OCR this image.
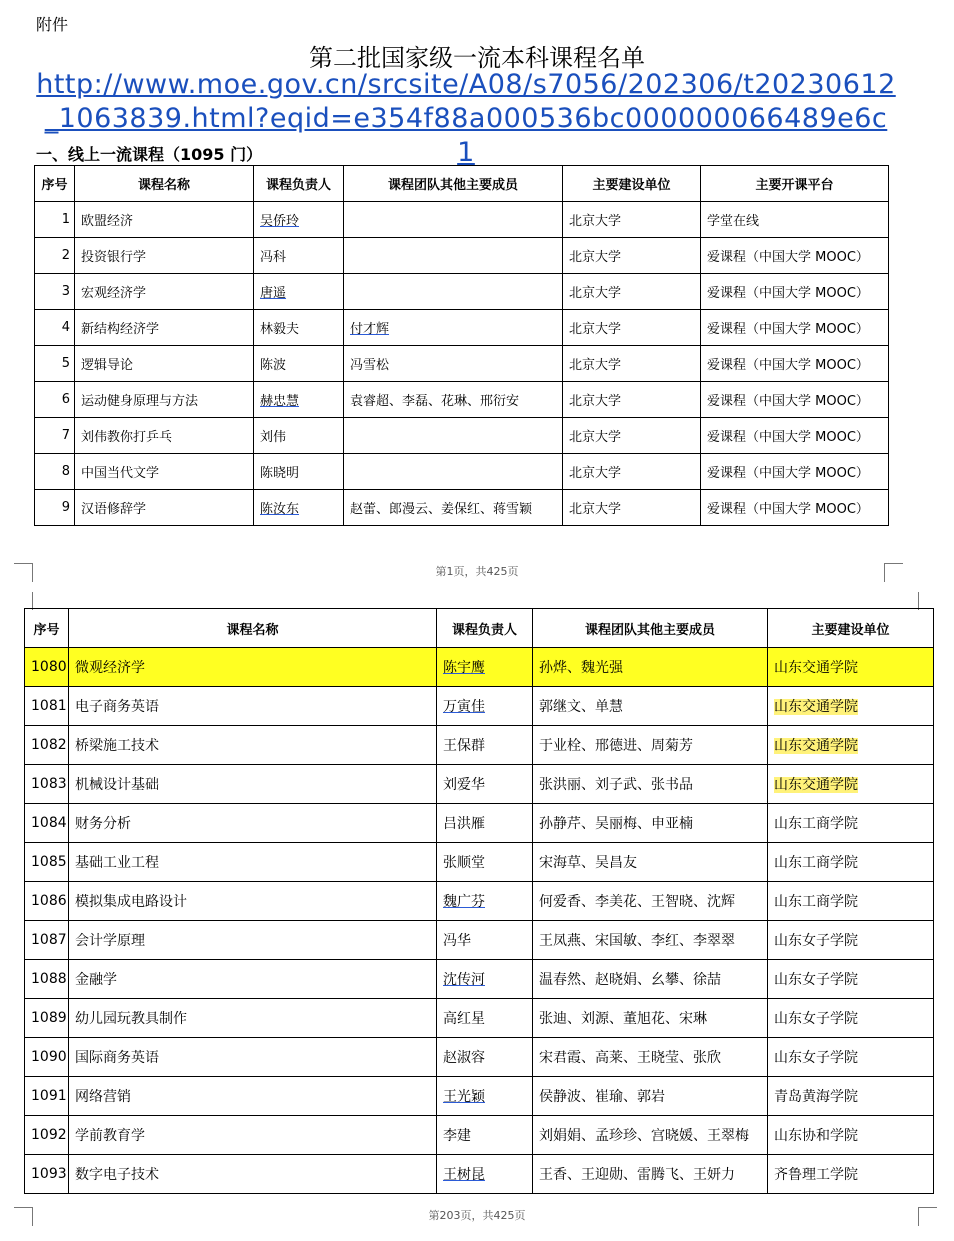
附件
第二批国家级一流本科课程名单
http://www.moe.gov.cn/srcsite/A08/s7056/202306/t20230612_1063839.html?eqid=e354f88a000536bc000000066489e6c1
一、线上一流课程（1095 门）
序号	课程名称	课程负责人	课程团队其他主要成员	主要建设单位	主要开课平台
1	欧盟经济	吴侨玲		北京大学	学堂在线
2	投资银行学	冯科		北京大学	爱课程（中国大学 MOOC）
3	宏观经济学	唐遥		北京大学	爱课程（中国大学 MOOC）
4	新结构经济学	林毅夫	付才辉	北京大学	爱课程（中国大学 MOOC）
5	逻辑导论	陈波	冯雪松	北京大学	爱课程（中国大学 MOOC）
6	运动健身原理与方法	赫忠慧	袁睿超、李磊、花琳、邢衍安	北京大学	爱课程（中国大学 MOOC）
7	刘伟教你打乒乓	刘伟		北京大学	爱课程（中国大学 MOOC）
8	中国当代文学	陈晓明		北京大学	爱课程（中国大学 MOOC）
9	汉语修辞学	陈汝东	赵蕾、郎漫云、姜保红、蒋雪颖	北京大学	爱课程（中国大学 MOOC）
第1页，共425页
序号	课程名称	课程负责人	课程团队其他主要成员	主要建设单位
1080	微观经济学	陈宇鹰	孙烨、魏光强	山东交通学院
1081	电子商务英语	万寅佳	郭继文、单慧	山东交通学院
1082	桥梁施工技术	王保群	于业栓、邢德进、周菊芳	山东交通学院
1083	机械设计基础	刘爱华	张洪丽、刘子武、张书品	山东交通学院
1084	财务分析	吕洪雁	孙静芹、吴丽梅、申亚楠	山东工商学院
1085	基础工业工程	张顺堂	宋海草、吴昌友	山东工商学院
1086	模拟集成电路设计	魏广芬	何爱香、李美花、王智晓、沈辉	山东工商学院
1087	会计学原理	冯华	王凤燕、宋国敏、李红、李翠翠	山东女子学院
1088	金融学	沈传河	温春然、赵晓娟、幺攀、徐喆	山东女子学院
1089	幼儿园玩教具制作	高红星	张迪、刘源、董旭花、宋琳	山东女子学院
1090	国际商务英语	赵淑容	宋君霞、高莱、王晓莹、张欣	山东女子学院
1091	网络营销	王光颖	侯静波、崔瑜、郭岩	青岛黄海学院
1092	学前教育学	李建	刘娟娟、孟珍珍、宫晓媛、王翠梅	山东协和学院
1093	数字电子技术	王树昆	王香、王迎勋、雷腾飞、王妍力	齐鲁理工学院
第203页，共425页
